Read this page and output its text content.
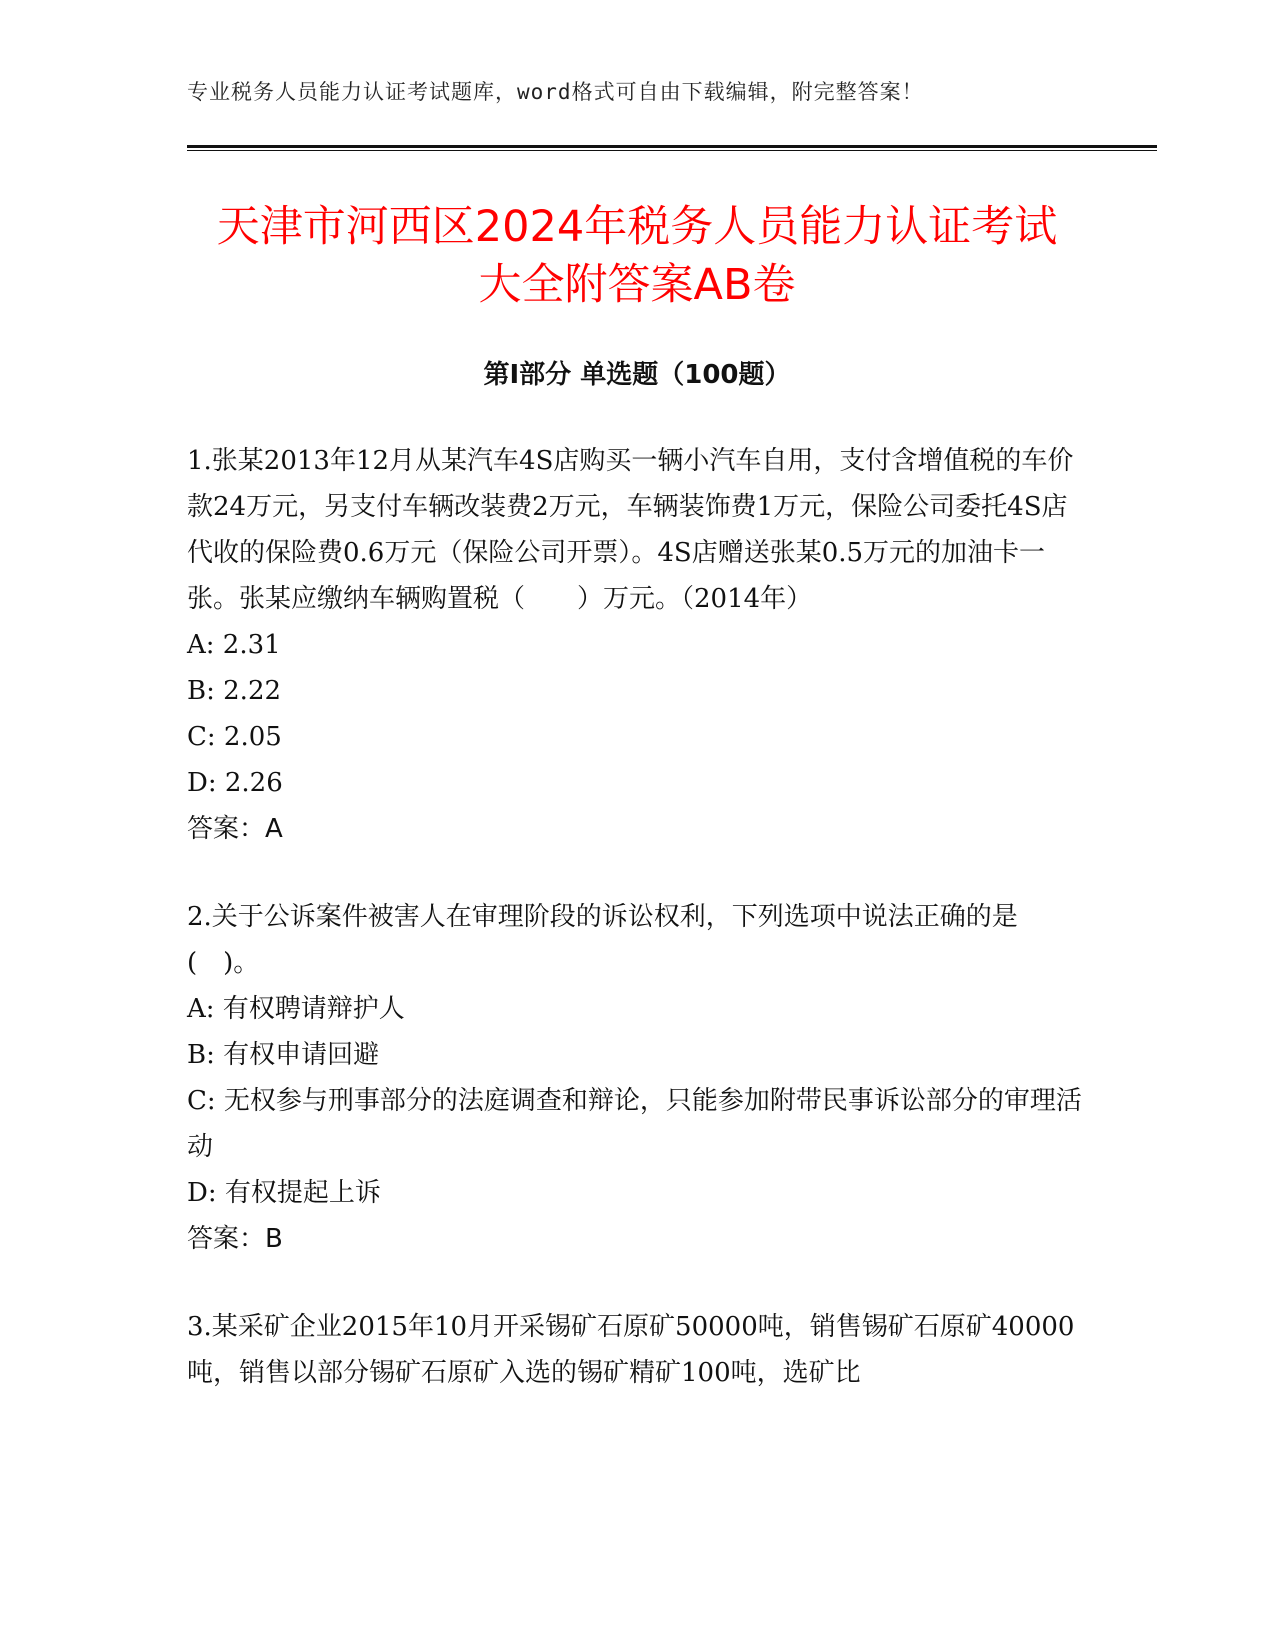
专业税务人员能力认证考试题库，word格式可自由下载编辑，附完整答案！
天津市河西区2024年税务人员能力认证考试
大全附答案AB卷
第Ⅰ部分 单选题（100题）

1.张某2013年12月从某汽车4S店购买一辆小汽车自用，支付含增值税的车价款24万元，另支付车辆改装费2万元，车辆装饰费1万元，保险公司委托4S店代收的保险费0.6万元（保险公司开票）。4S店赠送张某0.5万元的加油卡一张。张某应缴纳车辆购置税（　　）万元。（2014年）

A: 2.31

B: 2.22

C: 2.05

D: 2.26

答案：A

2.关于公诉案件被害人在审理阶段的诉讼权利，下列选项中说法正确的是(　)。

A: 有权聘请辩护人

B: 有权申请回避

C: 无权参与刑事部分的法庭调查和辩论，只能参加附带民事诉讼部分的审理活动

D: 有权提起上诉

答案：B

3.某采矿企业2015年10月开采锡矿石原矿50000吨，销售锡矿石原矿40000吨，销售以部分锡矿石原矿入选的锡矿精矿100吨，选矿比
